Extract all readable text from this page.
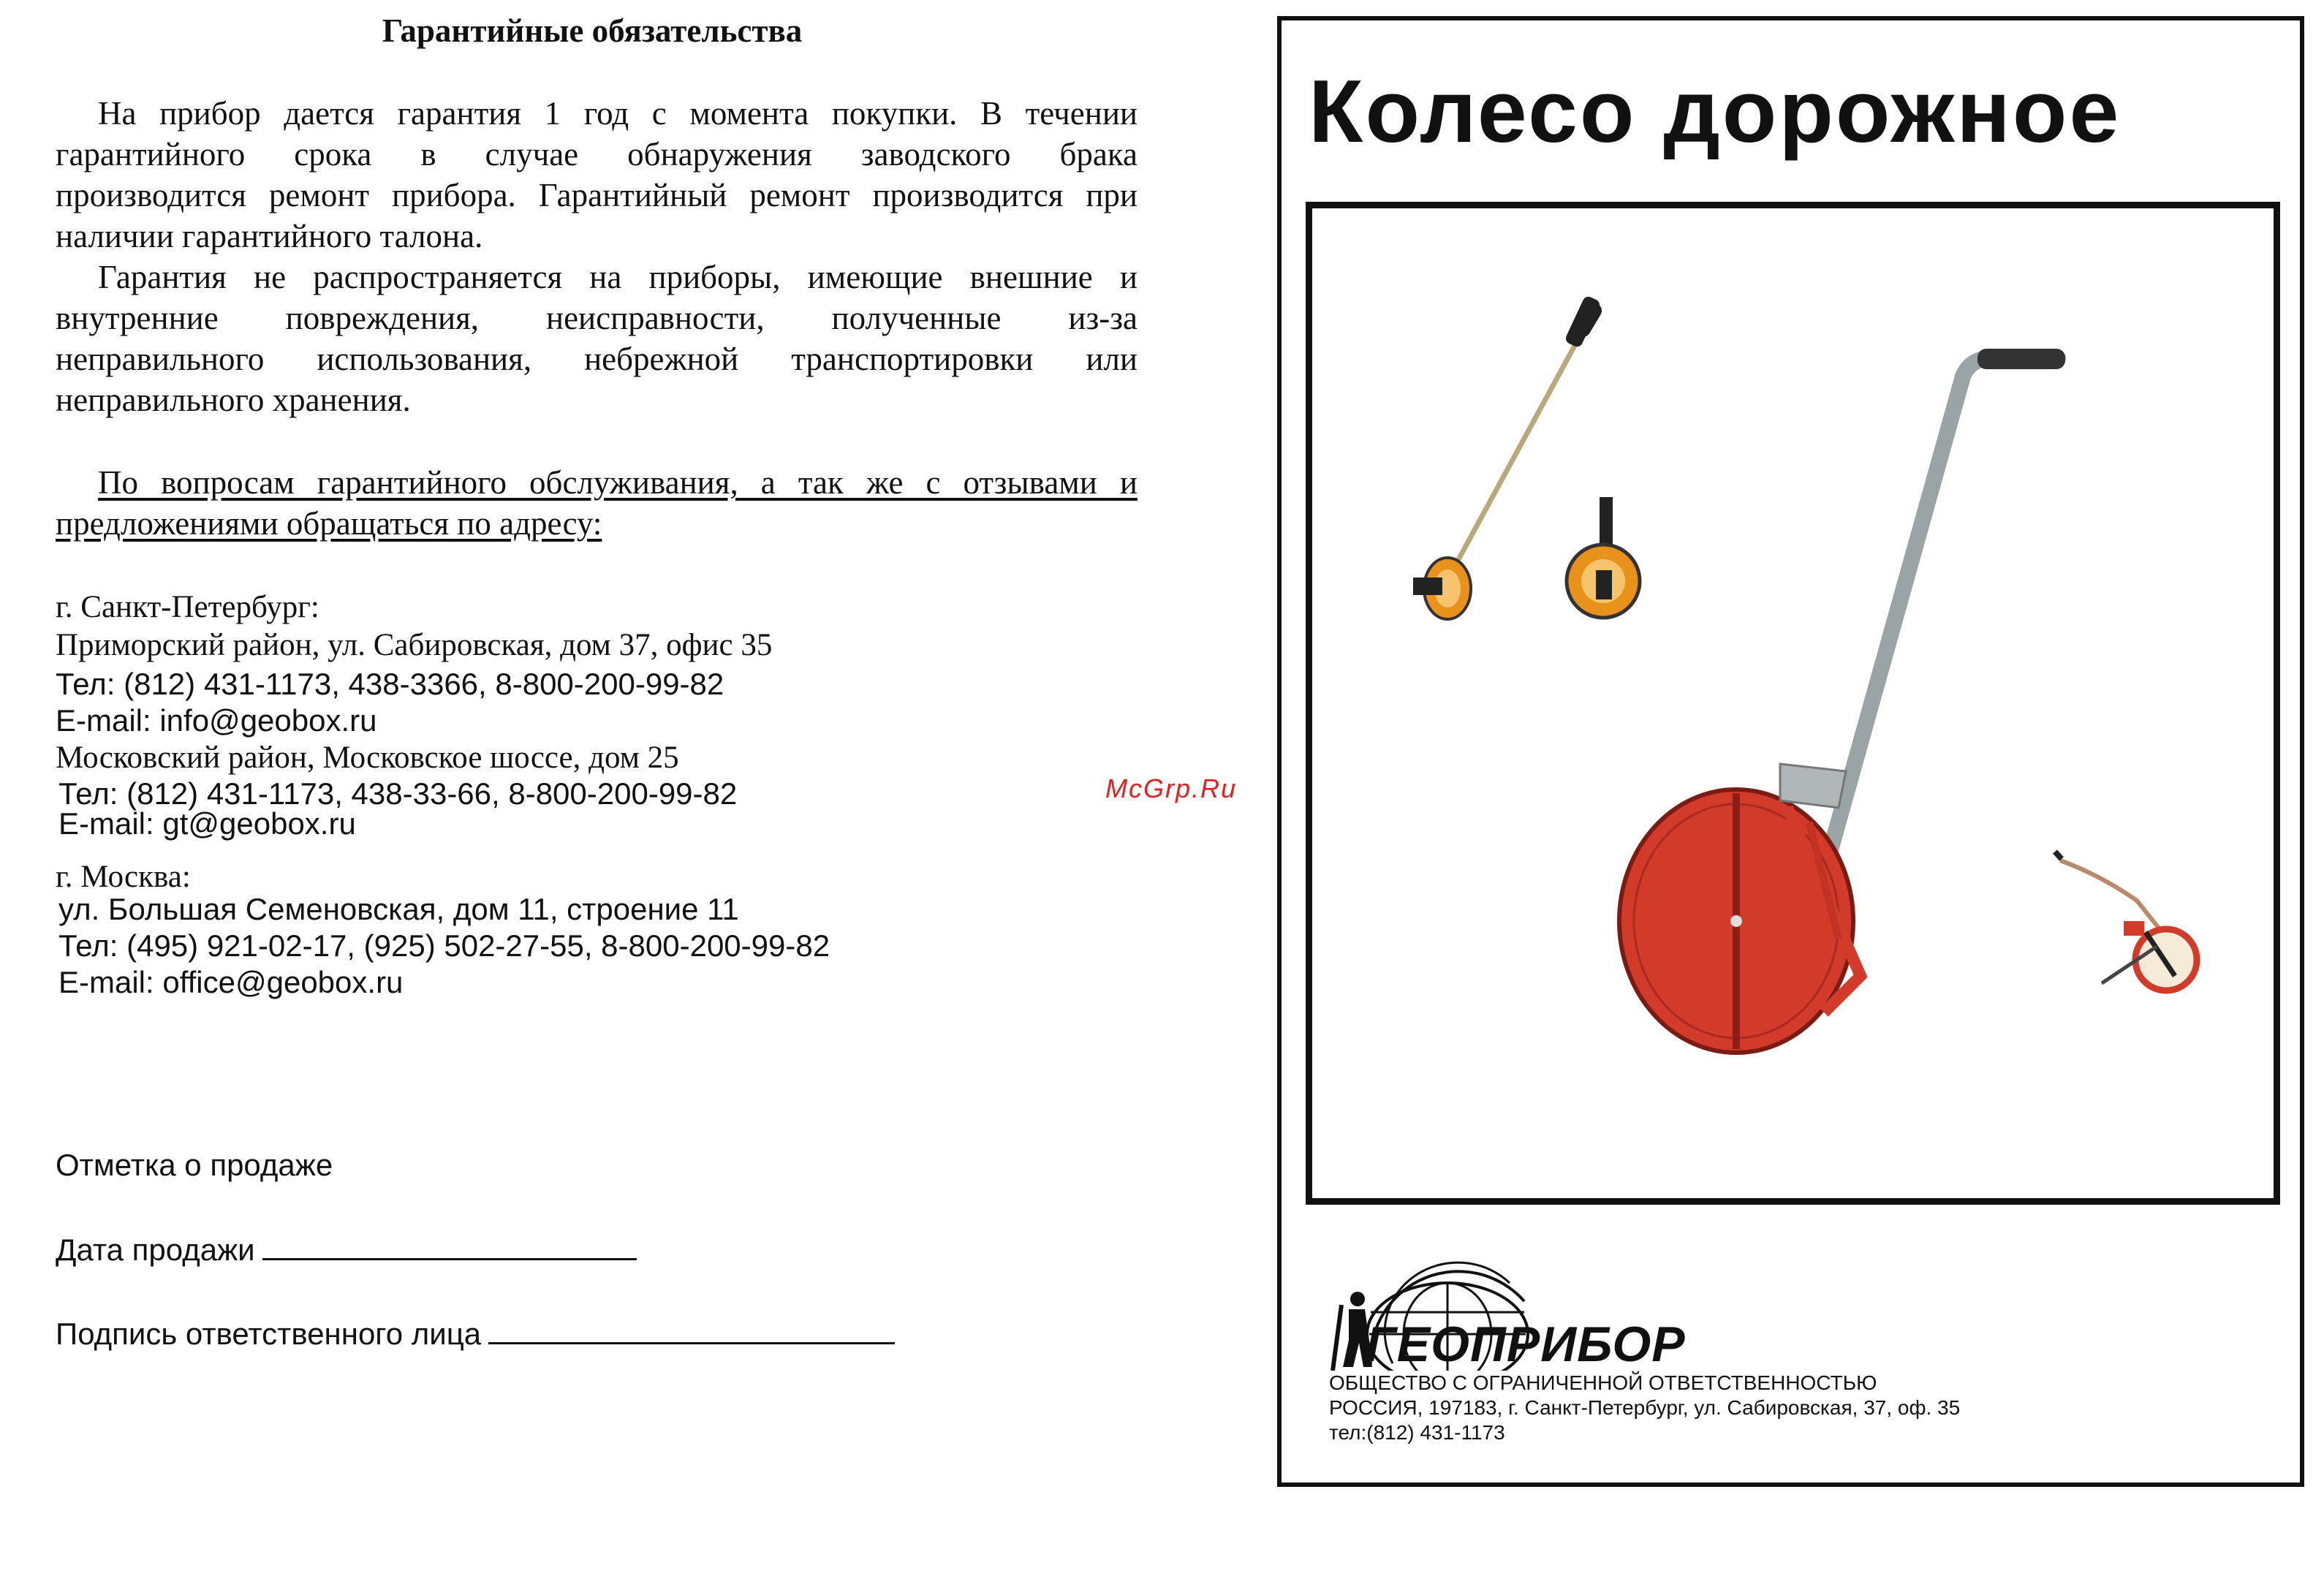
Гарантийные обязательства
На прибор дается гарантия 1 год с момента покупки. В течении
гарантийного срока в случае обнаружения заводского брака
производится ремонт прибора. Гарантийный ремонт производится при
наличии гарантийного талона.
Гарантия не распространяется на приборы, имеющие внешние и
внутренние повреждения, неисправности, полученные из-за
неправильного использования, небрежной транспортировки или
неправильного хранения.
По вопросам гарантийного обслуживания, а так же с отзывами и
предложениями обращаться по адресу:
г. Санкт-Петербург:
Приморский район, ул. Сабировская, дом 37, офис 35
Тел: (812) 431-1173, 438-3366, 8-800-200-99-82
E-mail: info@geobox.ru
Московский район, Московское шоссе, дом 25
Тел: (812) 431-1173, 438-33-66, 8-800-200-99-82
E-mail: gt@geobox.ru
г. Москва:
ул. Большая Семеновская, дом 11, строение 11
Тел: (495) 921-02-17, (925) 502-27-55, 8-800-200-99-82
E-mail: office@geobox.ru
Отметка о продаже
Дата продажи
Подпись ответственного лица
McGrp.Ru
Колесо дорожное
ГЕОПРИБОР
ОБЩЕСТВО С ОГРАНИЧЕННОЙ ОТВЕТСТВЕННОСТЬЮ
РОССИЯ, 197183, г. Санкт-Петербург, ул. Сабировская, 37, оф. 35
тел:(812) 431-1173
